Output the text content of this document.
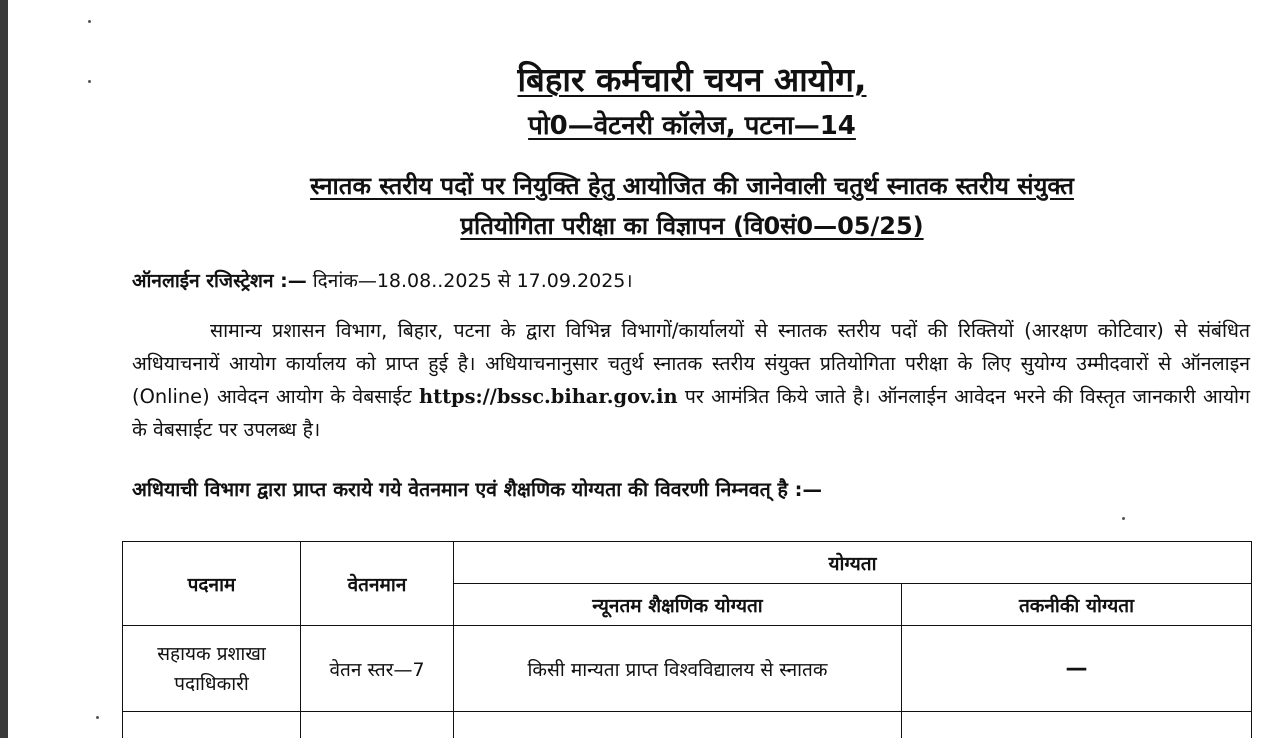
बिहार कर्मचारी चयन आयोग,
पो0—वेटनरी कॉलेज, पटना—14
स्नातक स्तरीय पदों पर नियुक्ति हेतु आयोजित की जानेवाली चतुर्थ स्नातक स्तरीय संयुक्त
प्रतियोगिता परीक्षा का विज्ञापन (वि0सं0—05/25)
ऑनलाईन रजिस्ट्रेशन :— दिनांक—18.08..2025 से 17.09.2025।
सामान्य प्रशासन विभाग, बिहार, पटना के द्वारा विभिन्न विभागों/कार्यालयों से स्नातक स्तरीय पदों की रिक्तियों (आरक्षण कोटिवार) से संबंधित अधियाचनायें आयोग कार्यालय को प्राप्त हुई है। अधियाचनानुसार चतुर्थ स्नातक स्तरीय संयुक्त प्रतियोगिता परीक्षा के लिए सुयोग्य उम्मीदवारों से ऑनलाइन (Online) आवेदन आयोग के वेबसाईट https://bssc.bihar.gov.in पर आमंत्रित किये जाते है। ऑनलाईन आवेदन भरने की विस्तृत जानकारी आयोग के वेबसाईट पर उपलब्ध है।
अधियाची विभाग द्वारा प्राप्त कराये गये वेतनमान एवं शैक्षणिक योग्यता की विवरणी निम्नवत् है :—
पदनाम	वेतनमान	योग्यता	
		न्यूनतम शैक्षणिक योग्यता	तकनीकी योग्यता
सहायक प्रशाखा
पदाधिकारी	वेतन स्तर—7	किसी मान्यता प्राप्त विश्वविद्यालय से स्नातक	—
